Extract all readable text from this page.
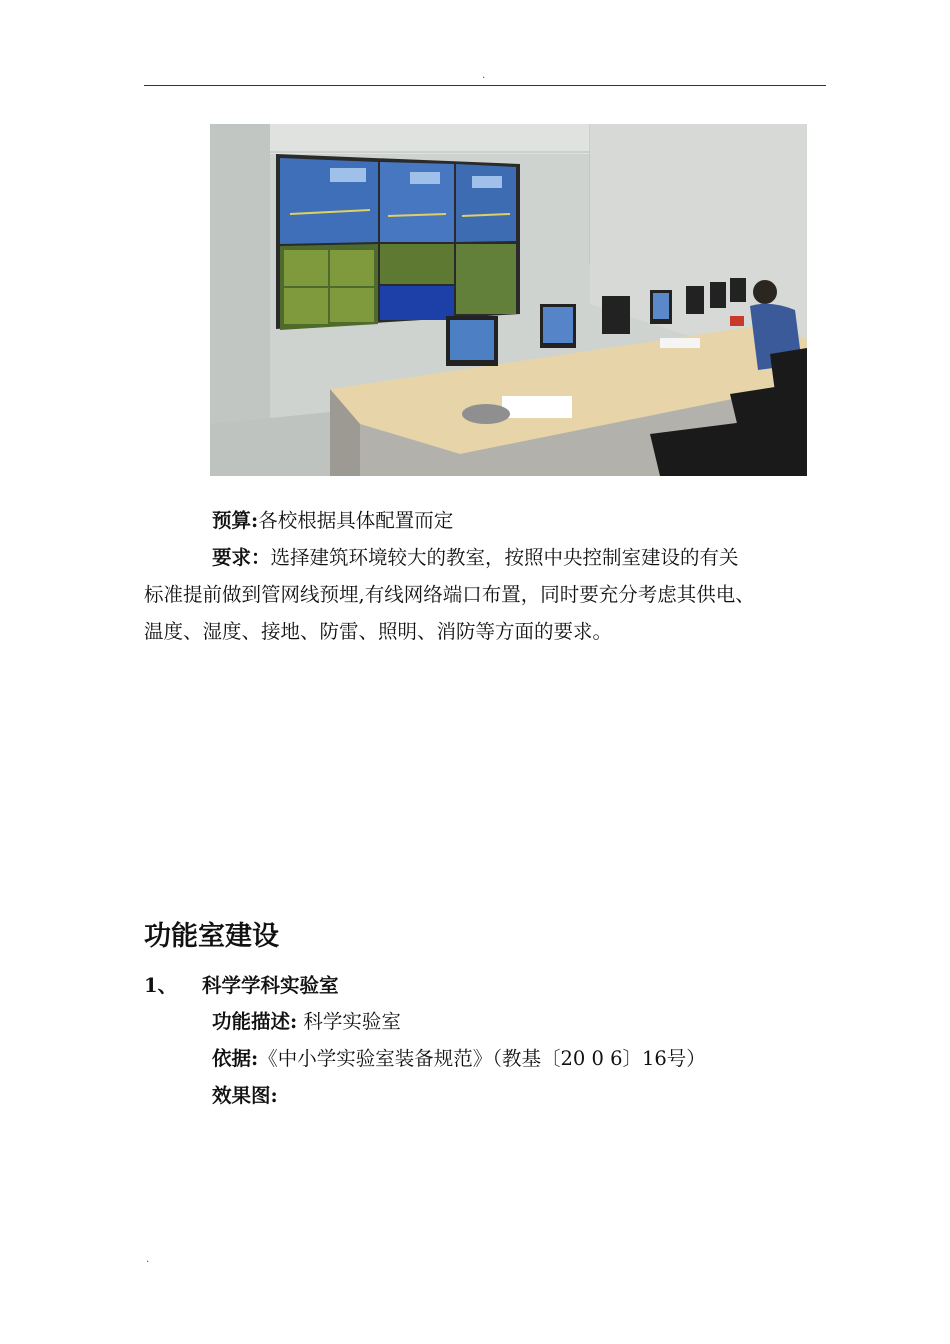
.
预算:各校根据具体配置而定
要求：选择建筑环境较大的教室，按照中央控制室建设的有关
标准提前做到管网线预埋,有线网络端口布置，同时要充分考虑其供电、
温度、湿度、接地、防雷、照明、消防等方面的要求。
功能室建设
1、 科学学科实验室
功能描述: 科学实验室
依据:《中小学实验室装备规范》（教基〔20 0 6〕16号）
效果图:
.
